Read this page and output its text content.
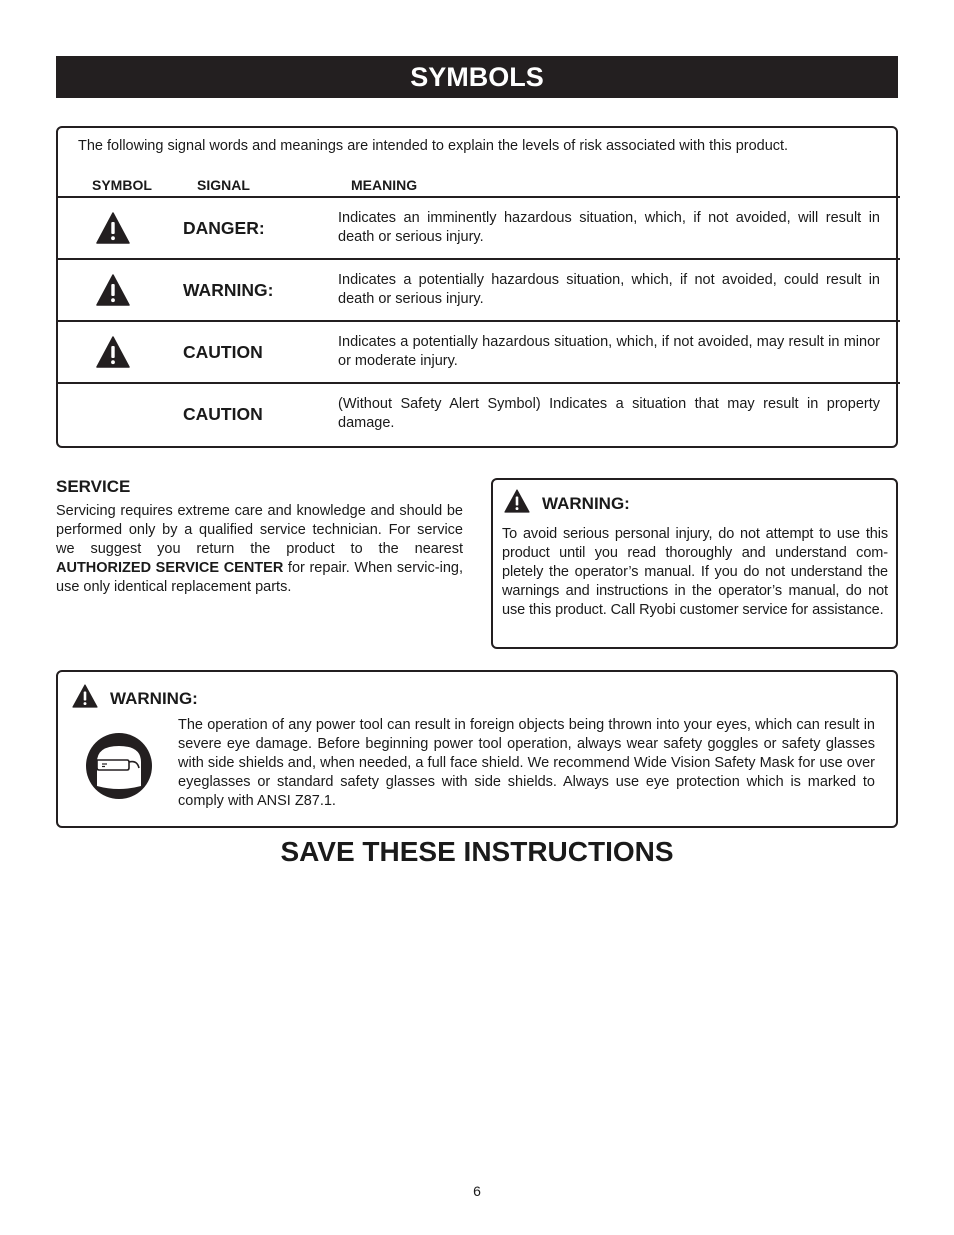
SYMBOLS
The following signal words and meanings are intended to explain the levels of risk associated with this product.
SYMBOL	SIGNAL	MEANING
DANGER:	Indicates an imminently hazardous situation, which, if not avoided, will result in death or serious injury.
WARNING:	Indicates a potentially hazardous situation, which, if not avoided, could result in death or serious injury.
CAUTION	Indicates a potentially hazardous situation, which, if not avoided, may result in minor or moderate injury.
CAUTION	(Without Safety Alert Symbol) Indicates a situation that may result in property damage.
SERVICE
Servicing requires extreme care and knowledge and should be performed only by a qualified service technician. For service we suggest you return the product to the nearest AUTHORIZED SERVICE CENTER for repair. When servic-ing, use only identical replacement parts.
WARNING:
To avoid serious personal injury, do not attempt to use this product until you read thoroughly and understand com-pletely the operator’s manual. If you do not understand the warnings and instructions in the operator’s manual, do not use this product. Call Ryobi customer service for assistance.
WARNING:
The operation of any power tool can result in foreign objects being thrown into your eyes, which can result in severe eye damage. Before beginning power tool operation, always wear safety goggles or safety glasses with side shields and, when needed, a full face shield. We recommend Wide Vision Safety Mask for use over eyeglasses or standard safety glasses with side shields. Always use eye protection which is marked to comply with ANSI Z87.1.
SAVE THESE INSTRUCTIONS
6
